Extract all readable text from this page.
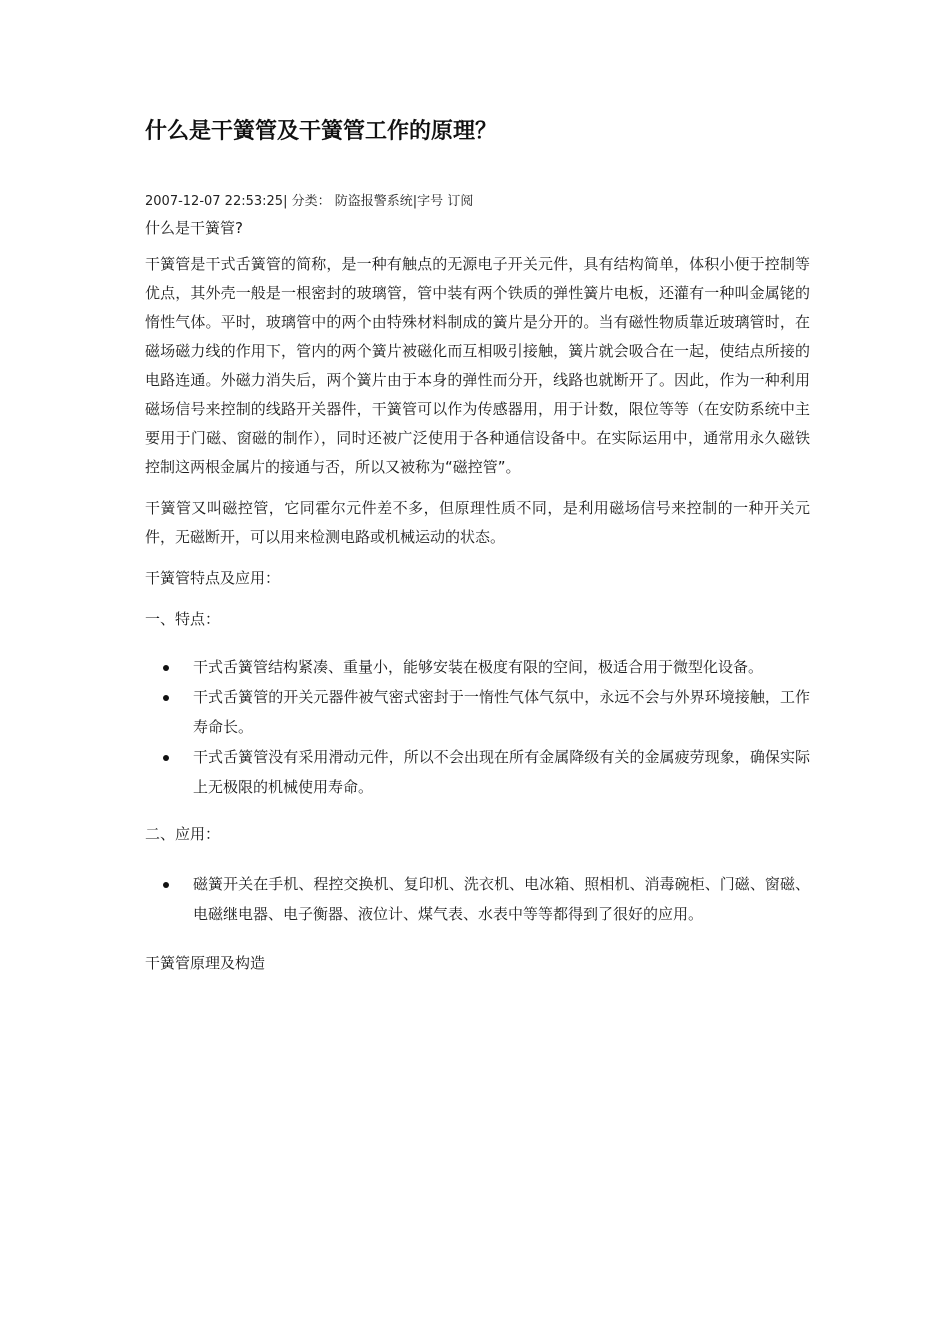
什么是干簧管及干簧管工作的原理？
2007-12-07 22:53:25| 分类： 防盗报警系统|字号 订阅
什么是干簧管?

干簧管是干式舌簧管的简称，是一种有触点的无源电子开关元件，具有结构简单，体积小便于控制等优点，其外壳一般是一根密封的玻璃管，管中装有两个铁质的弹性簧片电板，还灌有一种叫金属铑的惰性气体。平时，玻璃管中的两个由特殊材料制成的簧片是分开的。当有磁性物质靠近玻璃管时，在磁场磁力线的作用下，管内的两个簧片被磁化而互相吸引接触，簧片就会吸合在一起，使结点所接的电路连通。外磁力消失后，两个簧片由于本身的弹性而分开，线路也就断开了。因此，作为一种利用磁场信号来控制的线路开关器件，干簧管可以作为传感器用，用于计数，限位等等（在安防系统中主要用于门磁、窗磁的制作），同时还被广泛使用于各种通信设备中。在实际运用中，通常用永久磁铁控制这两根金属片的接通与否，所以又被称为“磁控管”。

干簧管又叫磁控管，它同霍尔元件差不多，但原理性质不同，是利用磁场信号来控制的一种开关元件，无磁断开，可以用来检测电路或机械运动的状态。

干簧管特点及应用：
一、特点：
干式舌簧管结构紧凑、重量小，能够安装在极度有限的空间，极适合用于微型化设备。
干式舌簧管的开关元器件被气密式密封于一惰性气体气氛中，永远不会与外界环境接触，工作寿命长。
干式舌簧管没有采用滑动元件，所以不会出现在所有金属降级有关的金属疲劳现象，确保实际上无极限的机械使用寿命。
二、应用：
磁簧开关在手机、程控交换机、复印机、洗衣机、电冰箱、照相机、消毒碗柜、门磁、窗磁、电磁继电器、电子衡器、液位计、煤气表、水表中等等都得到了很好的应用。
干簧管原理及构造
